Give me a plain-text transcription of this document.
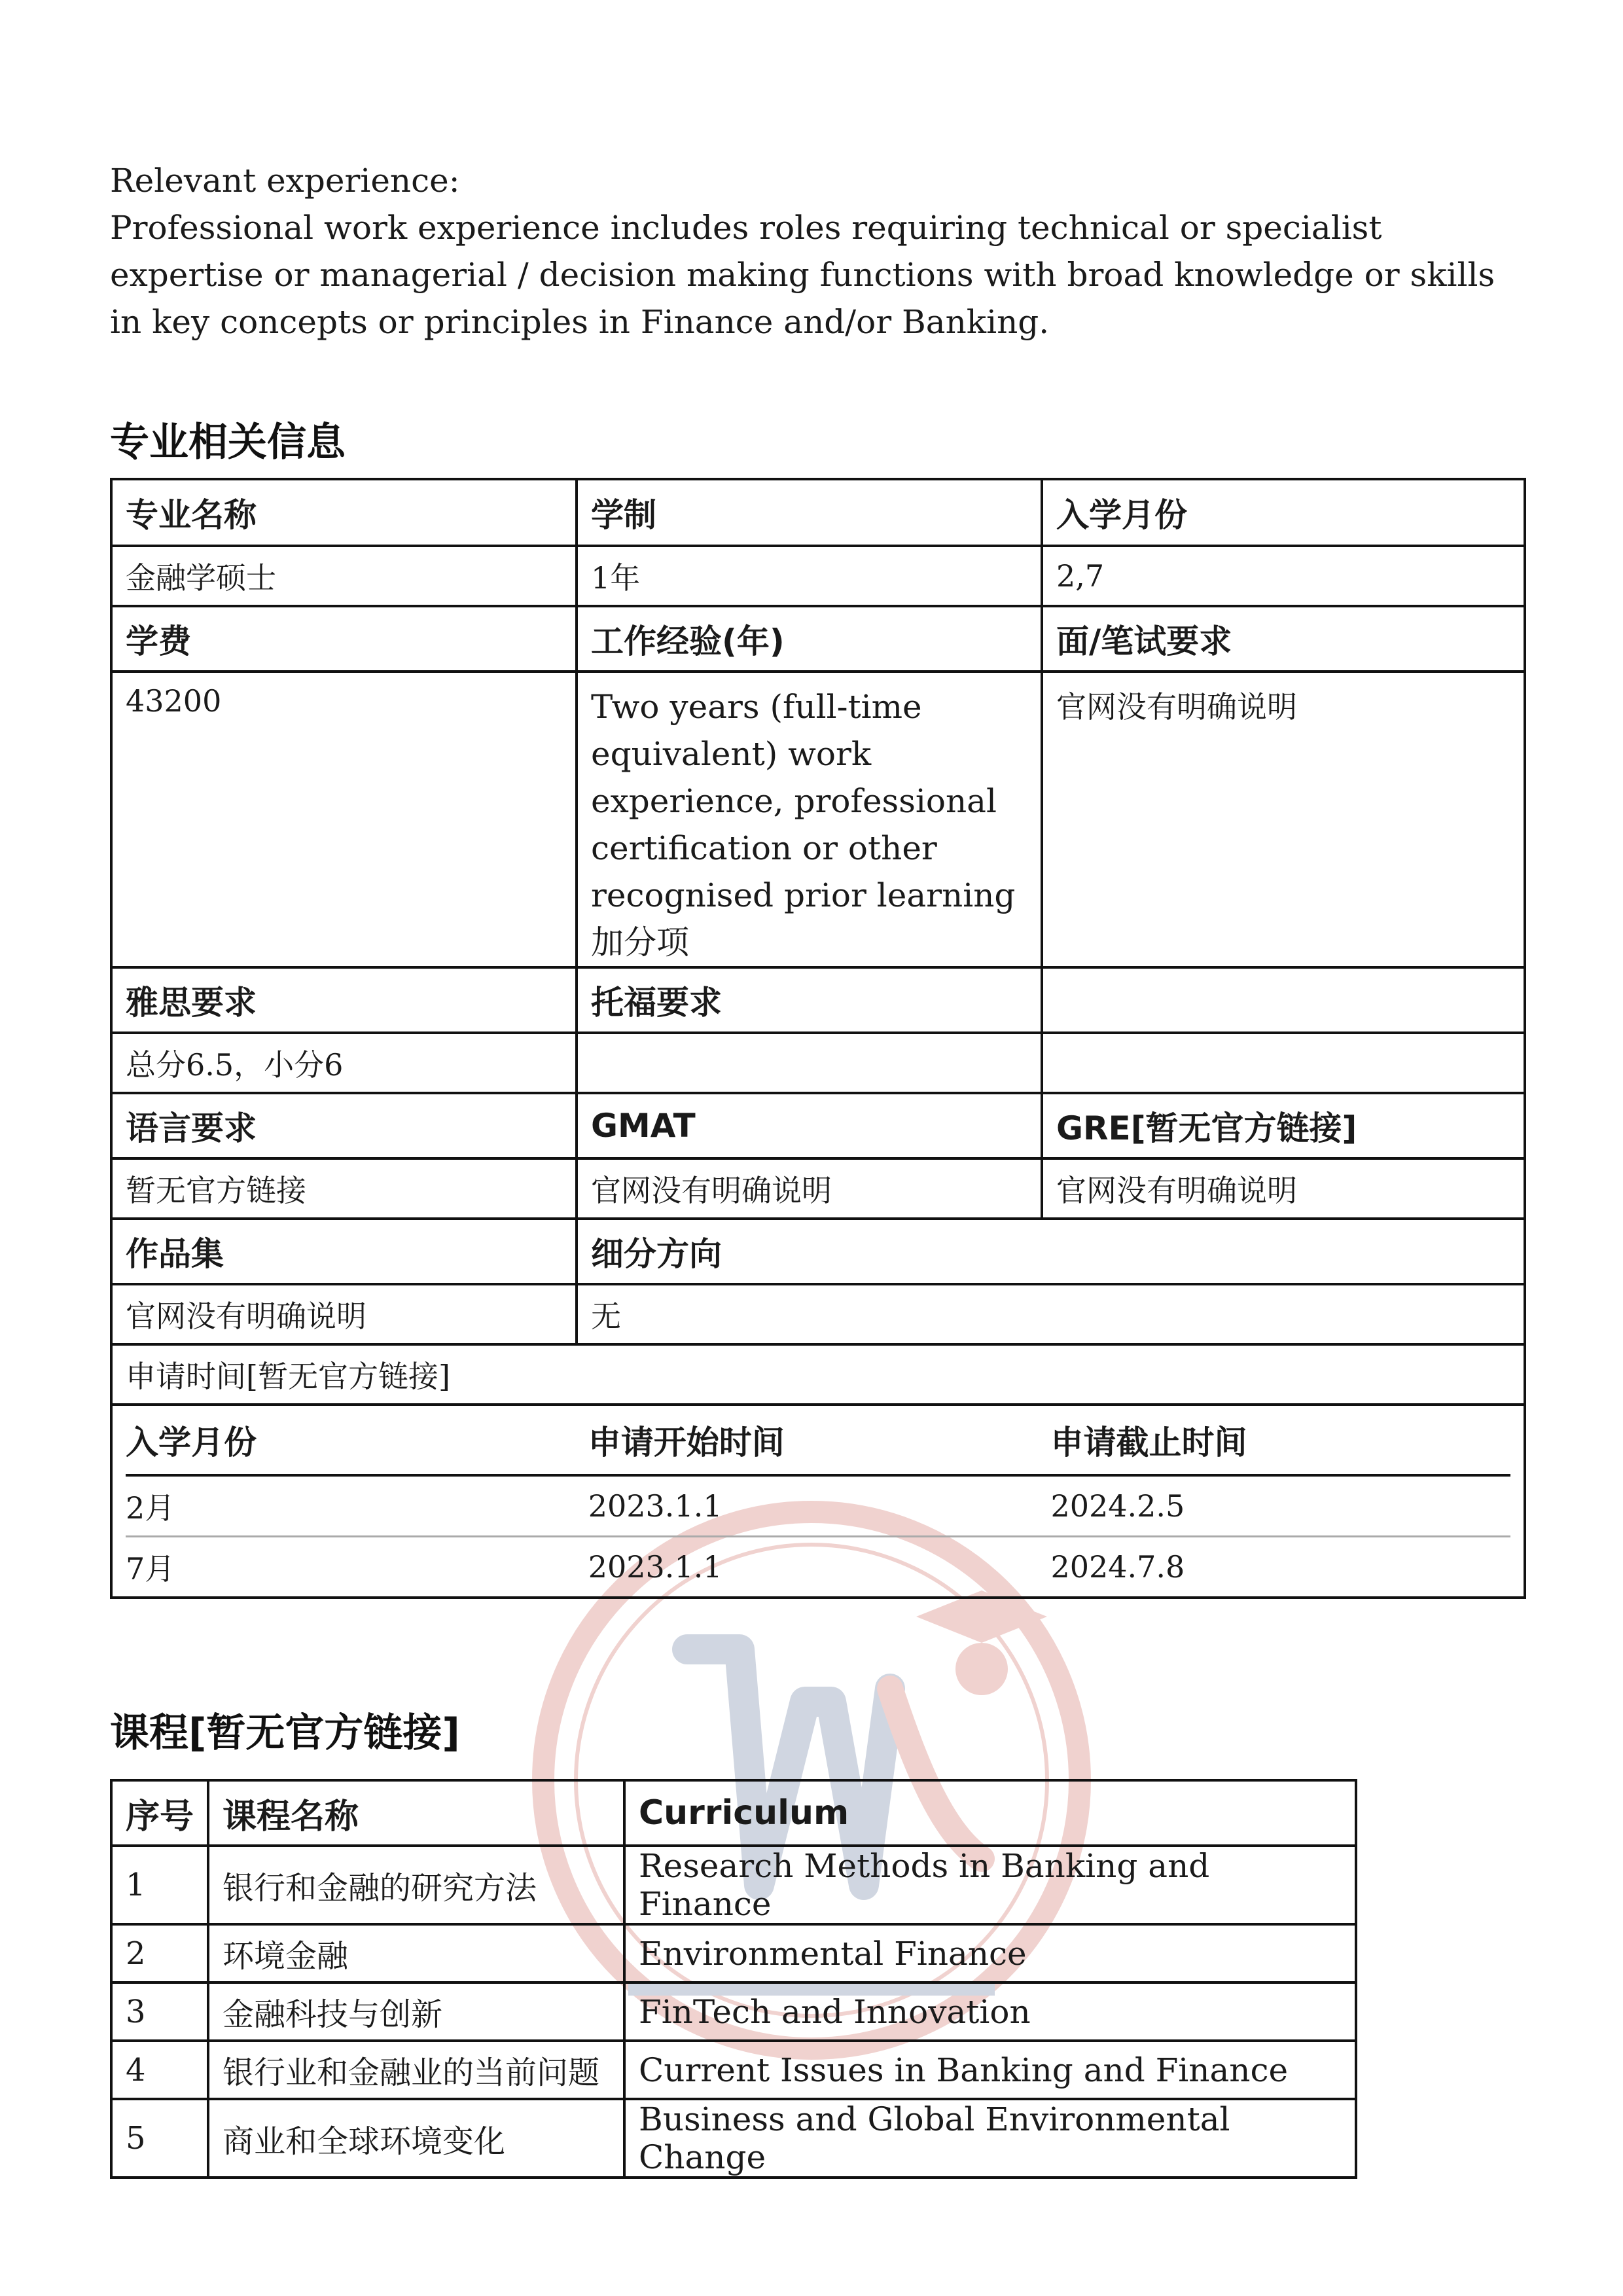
Relevant experience:

Professional work experience includes roles requiring technical or specialist expertise or managerial / decision making functions with broad knowledge or skills in key concepts or principles in Finance and/or Banking.

专业相关信息
专业名称	学制	入学月份
金融学硕士	1年	2,7
学费	工作经验(年)	面/笔试要求
43200	Two years (full-time equivalent) work experience, professional certification or other recognised prior learning加分项	官网没有明确说明
雅思要求	托福要求	
总分6.5，小分6		
语言要求	GMAT	GRE[暂无官方链接]
暂无官方链接	官网没有明确说明	官网没有明确说明
作品集	细分方向
官网没有明确说明	无
申请时间[暂无官方链接]

入学月份	申请开始时间	申请截止时间
2月	2023.1.1	2024.2.5
7月	2023.1.1	2024.7.8
课程[暂无官方链接]
序号	课程名称	Curriculum
1	银行和金融的研究方法	Research Methods in Banking and Finance
2	环境金融	Environmental Finance
3	金融科技与创新	FinTech and Innovation
4	银行业和金融业的当前问题	Current Issues in Banking and Finance
5	商业和全球环境变化	Business and Global Environmental Change
